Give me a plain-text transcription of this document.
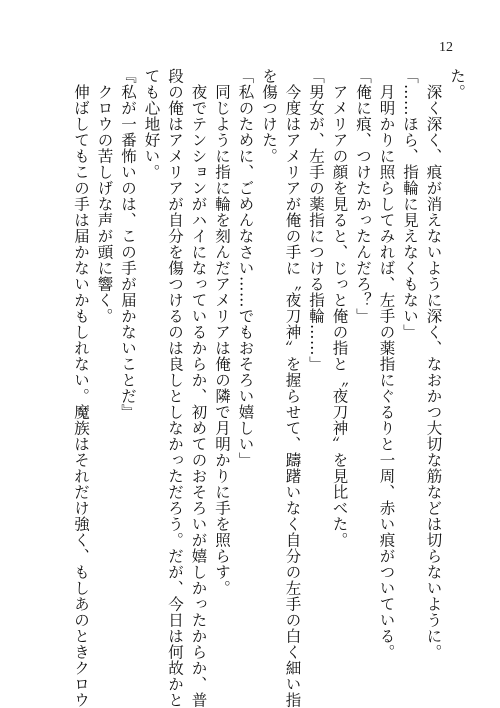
12
た。
深く深く、痕が消えないように深く、なおかつ大切な筋などは切らないように。
「……ほら、指輪に見えなくもない」
月明かりに照らしてみれば、左手の薬指にぐるりと一周、赤い痕がついている。
「俺に痕、つけたかったんだろ？」
アメリアの顔を見ると、じっと俺の指と〝夜刀神〟を見比べた。
「男女が、左手の薬指につける指輪……」
今度はアメリアが俺の手に〝夜刀神〟を握らせて、躊躇いなく自分の左手の白く細い指
を傷つけた。
「私のために、ごめんなさい……でもおそろい嬉しい」
同じように指に輪を刻んだアメリアは俺の隣で月明かりに手を照らす。
夜でテンションがハイになっているからか、初めてのおそろいが嬉しかったからか、普
段の俺はアメリアが自分を傷つけるのは良しとしなかっただろう。だが、今日は何故かと
ても心地好い。
『私が一番怖いのは、この手が届かないことだ』
クロウの苦しげな声が頭に響く。
伸ばしてもこの手は届かないかもしれない。魔族はそれだけ強く、もしあのときクロウ
